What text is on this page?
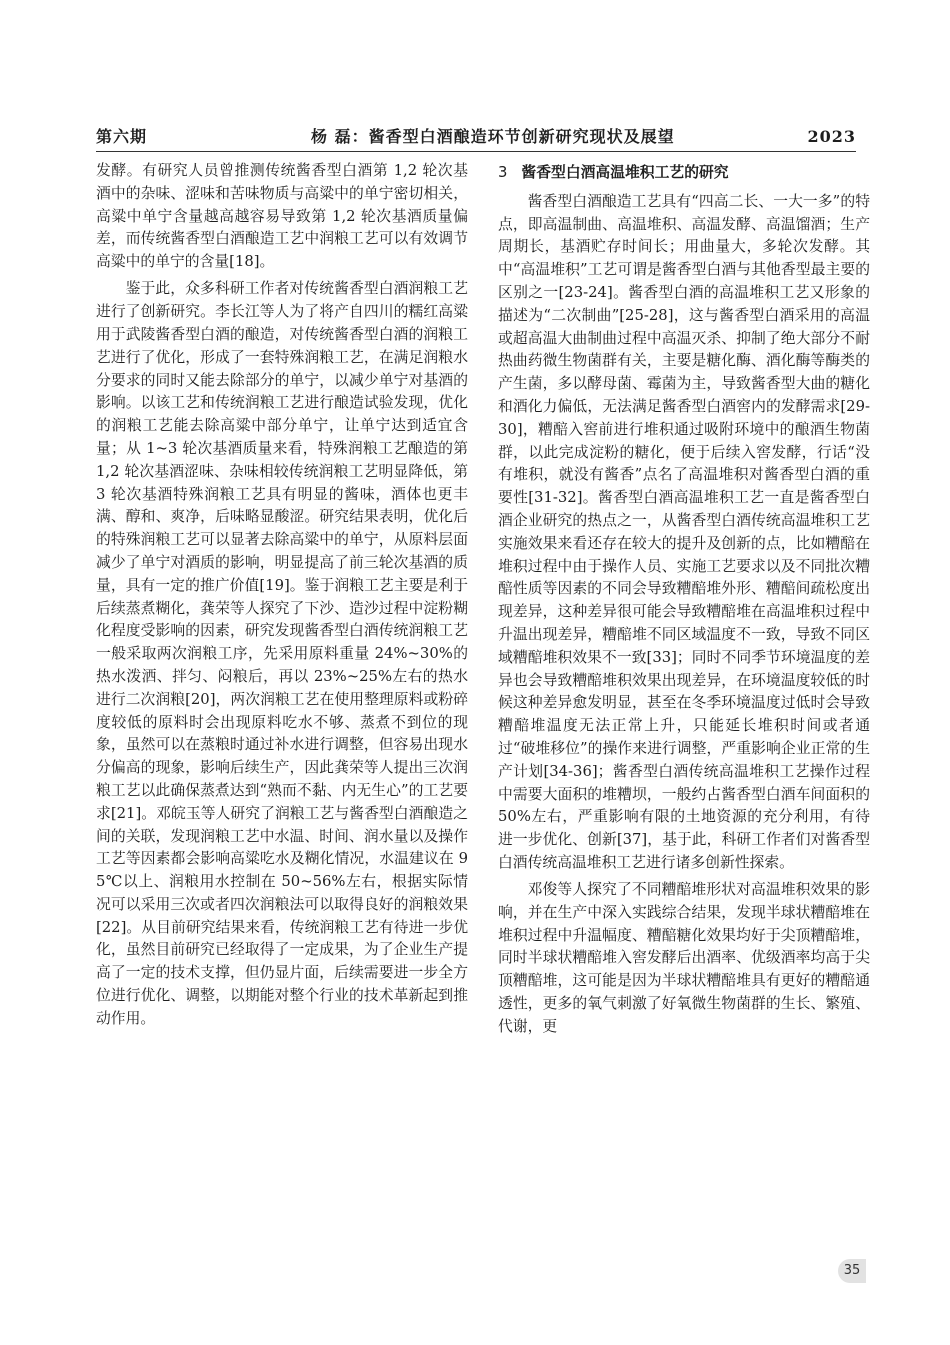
第六期	杨 磊：酱香型白酒酿造环节创新研究现状及展望	2023

发酵。有研究人员曾推测传统酱香型白酒第 1,2 轮次基酒中的杂味、涩味和苦味物质与高粱中的单宁密切相关，高粱中单宁含量越高越容易导致第 1,2 轮次基酒质量偏差，而传统酱香型白酒酿造工艺中润粮工艺可以有效调节高粱中的单宁的含量[18]。

鉴于此，众多科研工作者对传统酱香型白酒润粮工艺进行了创新研究。李长江等人为了将产自四川的糯红高粱用于武陵酱香型白酒的酿造，对传统酱香型白酒的润粮工艺进行了优化，形成了一套特殊润粮工艺，在满足润粮水分要求的同时又能去除部分的单宁，以减少单宁对基酒的影响。以该工艺和传统润粮工艺进行酿造试验发现，优化的润粮工艺能去除高粱中部分单宁，让单宁达到适宜含量；从 1~3 轮次基酒质量来看，特殊润粮工艺酿造的第 1,2 轮次基酒涩味、杂味相较传统润粮工艺明显降低，第 3 轮次基酒特殊润粮工艺具有明显的酱味，酒体也更丰满、醇和、爽净，后味略显酸涩。研究结果表明，优化后的特殊润粮工艺可以显著去除高粱中的单宁，从原料层面减少了单宁对酒质的影响，明显提高了前三轮次基酒的质量，具有一定的推广价值[19]。鉴于润粮工艺主要是利于后续蒸煮糊化，龚荣等人探究了下沙、造沙过程中淀粉糊化程度受影响的因素，研究发现酱香型白酒传统润粮工艺一般采取两次润粮工序，先采用原料重量 24%~30%的热水泼洒、拌匀、闷粮后，再以 23%~25%左右的热水进行二次润粮[20]，两次润粮工艺在使用整理原料或粉碎度较低的原料时会出现原料吃水不够、蒸煮不到位的现象，虽然可以在蒸粮时通过补水进行调整，但容易出现水分偏高的现象，影响后续生产，因此龚荣等人提出三次润粮工艺以此确保蒸煮达到“熟而不黏、内无生心”的工艺要求[21]。邓皖玉等人研究了润粮工艺与酱香型白酒酿造之间的关联，发现润粮工艺中水温、时间、润水量以及操作工艺等因素都会影响高粱吃水及糊化情况，水温建议在 95℃以上、润粮用水控制在 50~56%左右，根据实际情况可以采用三次或者四次润粮法可以取得良好的润粮效果[22]。从目前研究结果来看，传统润粮工艺有待进一步优化，虽然目前研究已经取得了一定成果，为了企业生产提高了一定的技术支撑，但仍显片面，后续需要进一步全方位进行优化、调整，以期能对整个行业的技术革新起到推动作用。

3 酱香型白酒高温堆积工艺的研究

酱香型白酒酿造工艺具有“四高二长、一大一多”的特点，即高温制曲、高温堆积、高温发酵、高温馏酒；生产周期长，基酒贮存时间长；用曲量大，多轮次发酵。其中“高温堆积”工艺可谓是酱香型白酒与其他香型最主要的区别之一[23-24]。酱香型白酒的高温堆积工艺又形象的描述为“二次制曲”[25-28]，这与酱香型白酒采用的高温或超高温大曲制曲过程中高温灭杀、抑制了绝大部分不耐热曲药微生物菌群有关，主要是糖化酶、酒化酶等酶类的产生菌，多以酵母菌、霉菌为主，导致酱香型大曲的糖化和酒化力偏低，无法满足酱香型白酒窖内的发酵需求[29-30]，糟醅入窖前进行堆积通过吸附环境中的酿酒生物菌群，以此完成淀粉的糖化，便于后续入窖发酵，行话“没有堆积，就没有酱香”点名了高温堆积对酱香型白酒的重要性[31-32]。酱香型白酒高温堆积工艺一直是酱香型白酒企业研究的热点之一，从酱香型白酒传统高温堆积工艺实施效果来看还存在较大的提升及创新的点，比如糟醅在堆积过程中由于操作人员、实施工艺要求以及不同批次糟醅性质等因素的不同会导致糟醅堆外形、糟醅间疏松度出现差异，这种差异很可能会导致糟醅堆在高温堆积过程中升温出现差异，糟醅堆不同区域温度不一致，导致不同区域糟醅堆积效果不一致[33]；同时不同季节环境温度的差异也会导致糟醅堆积效果出现差异，在环境温度较低的时候这种差异愈发明显，甚至在冬季环境温度过低时会导致糟醅堆温度无法正常上升，只能延长堆积时间或者通过“破堆移位”的操作来进行调整，严重影响企业正常的生产计划[34-36]；酱香型白酒传统高温堆积工艺操作过程中需要大面积的堆糟坝，一般约占酱香型白酒车间面积的 50%左右，严重影响有限的土地资源的充分利用，有待进一步优化、创新[37]，基于此，科研工作者们对酱香型白酒传统高温堆积工艺进行诸多创新性探索。

邓俊等人探究了不同糟醅堆形状对高温堆积效果的影响，并在生产中深入实践综合结果，发现半球状糟醅堆在堆积过程中升温幅度、糟醅糖化效果均好于尖顶糟醅堆，同时半球状糟醅堆入窖发酵后出酒率、优级酒率均高于尖顶糟醅堆，这可能是因为半球状糟醅堆具有更好的糟醅通透性，更多的氧气刺激了好氧微生物菌群的生长、繁殖、代谢，更

35
